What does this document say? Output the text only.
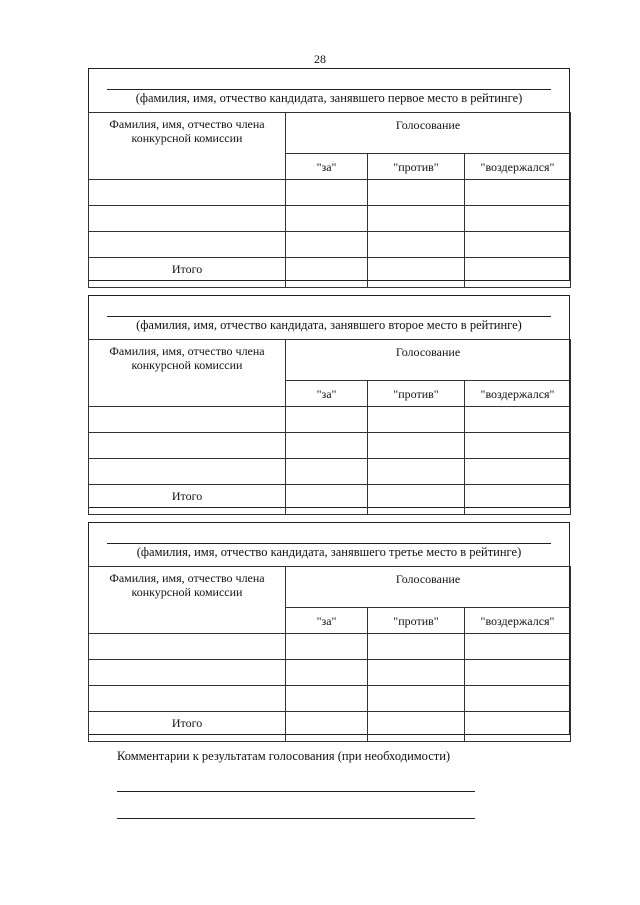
28
(фамилия, имя, отчество кандидата, занявшего первое место в рейтинге)
Фамилия, имя, отчество члена конкурсной комиссии	Голосование		
	"за"	"против"	"воздержался"

Итого			
(фамилия, имя, отчество кандидата, занявшего второе место в рейтинге)
Фамилия, имя, отчество члена конкурсной комиссии	Голосование		
	"за"	"против"	"воздержался"

Итого			
(фамилия, имя, отчество кандидата, занявшего третье место в рейтинге)
Фамилия, имя, отчество члена конкурсной комиссии	Голосование		
	"за"	"против"	"воздержался"

Итого			
Комментарии к результатам голосования (при необходимости)
